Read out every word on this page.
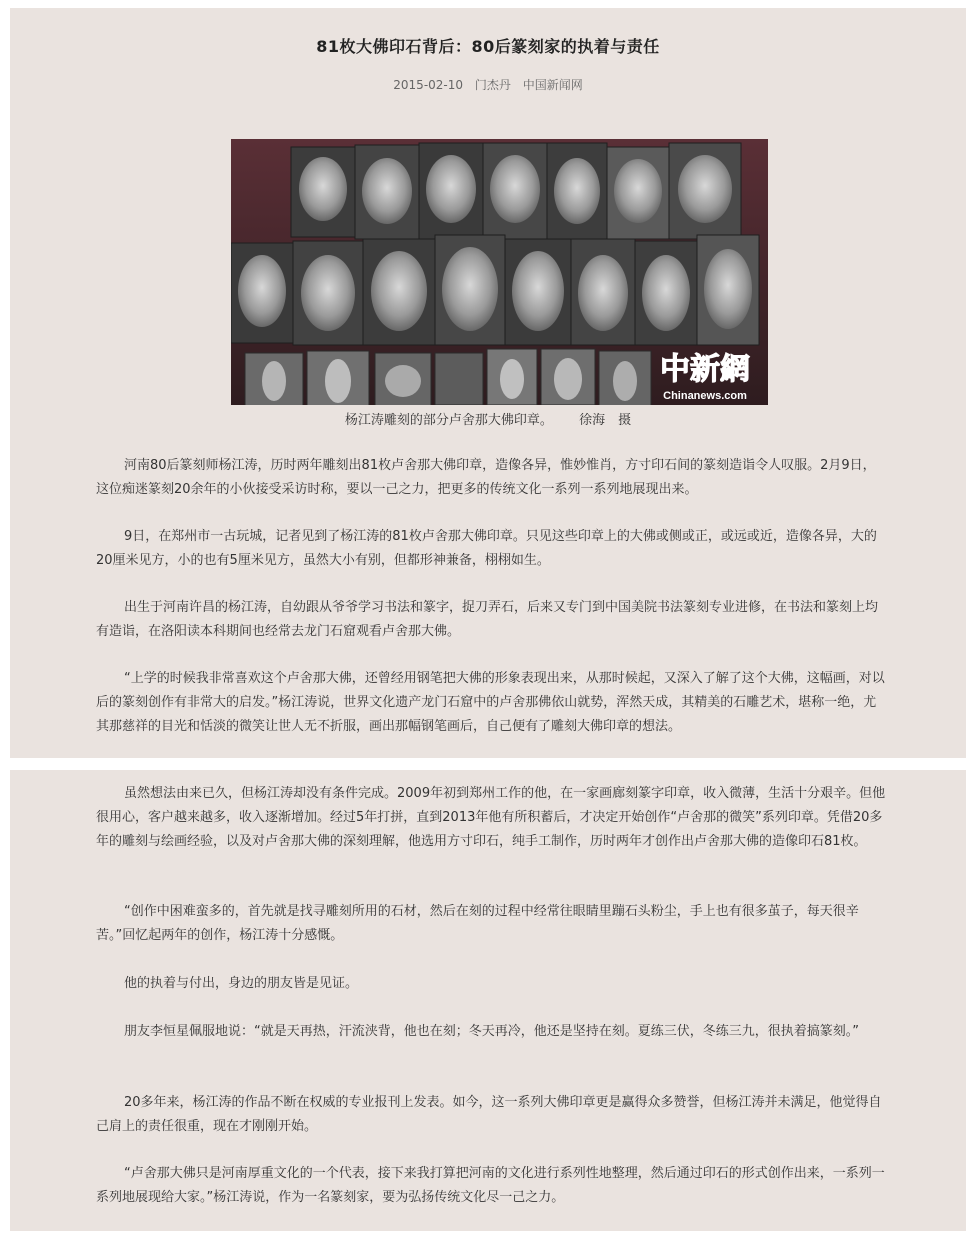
81枚大佛印石背后：80后篆刻家的执着与责任
2015-02-10 门杰丹 中国新闻网
中新網
Chinanews.com
杨江涛雕刻的部分卢舍那大佛印章。 徐海　摄

河南80后篆刻师杨江涛，历时两年雕刻出81枚卢舍那大佛印章，造像各异，惟妙惟肖，方寸印石间的篆刻造诣令人叹服。2月9日，这位痴迷篆刻20余年的小伙接受采访时称，要以一己之力，把更多的传统文化一系列一系列地展现出来。

9日，在郑州市一古玩城，记者见到了杨江涛的81枚卢舍那大佛印章。只见这些印章上的大佛或侧或正，或远或近，造像各异，大的20厘米见方，小的也有5厘米见方，虽然大小有别，但都形神兼备，栩栩如生。

出生于河南许昌的杨江涛，自幼跟从爷爷学习书法和篆字，捉刀弄石，后来又专门到中国美院书法篆刻专业进修，在书法和篆刻上均有造诣，在洛阳读本科期间也经常去龙门石窟观看卢舍那大佛。

“上学的时候我非常喜欢这个卢舍那大佛，还曾经用钢笔把大佛的形象表现出来，从那时候起，又深入了解了这个大佛，这幅画，对以后的篆刻创作有非常大的启发。”杨江涛说，世界文化遗产龙门石窟中的卢舍那佛依山就势，浑然天成，其精美的石雕艺术，堪称一绝，尤其那慈祥的目光和恬淡的微笑让世人无不折服，画出那幅钢笔画后，自己便有了雕刻大佛印章的想法。

虽然想法由来已久，但杨江涛却没有条件完成。2009年初到郑州工作的他，在一家画廊刻篆字印章，收入微薄，生活十分艰辛。但他很用心，客户越来越多，收入逐渐增加。经过5年打拼，直到2013年他有所积蓄后，才决定开始创作“卢舍那的微笑”系列印章。凭借20多年的雕刻与绘画经验，以及对卢舍那大佛的深刻理解，他选用方寸印石，纯手工制作，历时两年才创作出卢舍那大佛的造像印石81枚。

“创作中困难蛮多的，首先就是找寻雕刻所用的石材，然后在刻的过程中经常往眼睛里蹦石头粉尘，手上也有很多茧子，每天很辛苦。”回忆起两年的创作，杨江涛十分感慨。

他的执着与付出，身边的朋友皆是见证。

朋友李恒星佩服地说：“就是天再热，汗流浃背，他也在刻；冬天再冷，他还是坚持在刻。夏练三伏，冬练三九，很执着搞篆刻。”

20多年来，杨江涛的作品不断在权威的专业报刊上发表。如今，这一系列大佛印章更是赢得众多赞誉，但杨江涛并未满足，他觉得自己肩上的责任很重，现在才刚刚开始。

“卢舍那大佛只是河南厚重文化的一个代表，接下来我打算把河南的文化进行系列性地整理，然后通过印石的形式创作出来，一系列一系列地展现给大家。”杨江涛说，作为一名篆刻家，要为弘扬传统文化尽一己之力。
